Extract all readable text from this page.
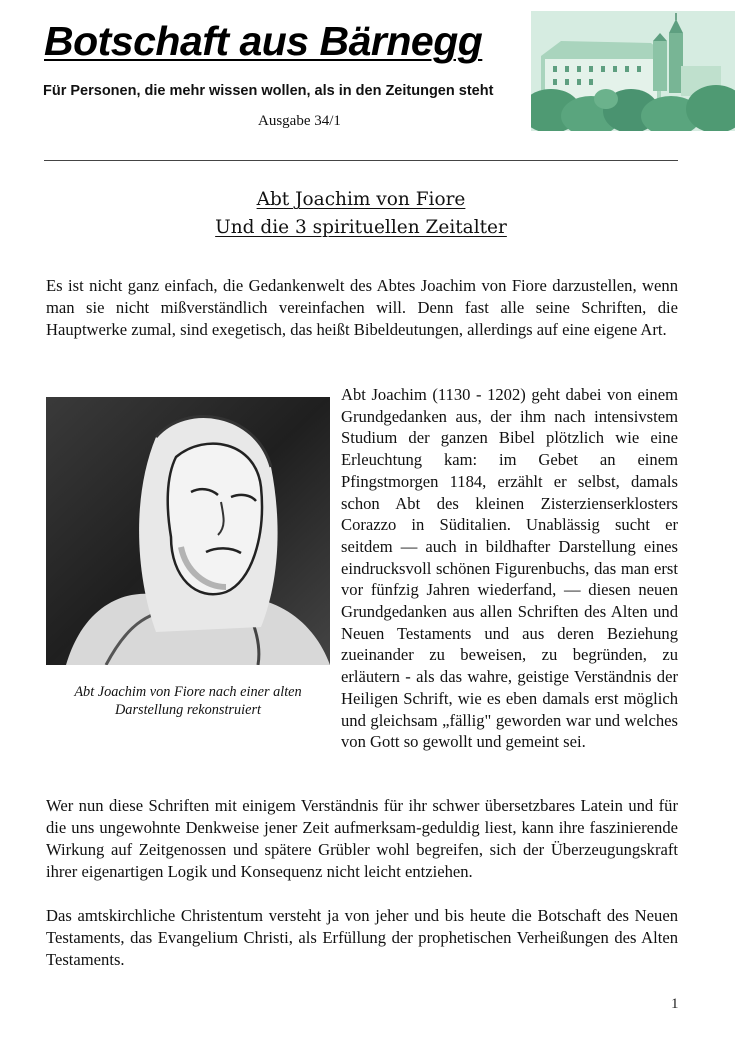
Botschaft aus Bärnegg
Für Personen, die mehr wissen wollen, als in den Zeitungen steht
Ausgabe 34/1
Abt Joachim von Fiore
Und die 3 spirituellen Zeitalter

Es ist nicht ganz einfach, die Gedankenwelt des Abtes Joachim von Fiore darzustellen, wenn man sie nicht mißverständlich vereinfachen will. Denn fast alle seine Schriften, die Hauptwerke zumal, sind exegetisch, das heißt Bibeldeutungen, allerdings auf eine eigene Art.

Abt Joachim von Fiore nach einer alten
Darstellung rekonstruiert

Abt Joachim (1130 - 1202) geht dabei von einem Grundgedanken aus, der ihm nach intensivstem Studium der ganzen Bibel plötzlich wie eine Erleuchtung kam: im Gebet an einem Pfingstmorgen 1184, erzählt er selbst, damals schon Abt des kleinen Zisterzienserklosters Corazzo in Süditalien. Unablässig sucht er seitdem — auch in bildhafter Darstellung eines eindrucksvoll schönen Figurenbuchs, das man erst vor fünfzig Jahren wiederfand, — diesen neuen Grundgedanken aus allen Schriften des Alten und Neuen Testaments und aus deren Beziehung zueinander zu beweisen, zu begründen, zu erläutern - als das wahre, geistige Verständnis der Heiligen Schrift, wie es eben damals erst möglich und gleichsam „fällig" geworden war und welches von Gott so gewollt und gemeint sei.

Wer nun diese Schriften mit einigem Verständnis für ihr schwer übersetzbares Latein und für die uns ungewohnte Denkweise jener Zeit aufmerksam-geduldig liest, kann ihre faszinierende Wirkung auf Zeitgenossen und spätere Grübler wohl begreifen, sich der Überzeugungskraft ihrer eigenartigen Logik und Konsequenz nicht leicht entziehen.

Das amtskirchliche Christentum versteht ja von jeher und bis heute die Botschaft des Neuen Testaments, das Evangelium Christi, als Erfüllung der prophetischen Verheißungen des Alten Testaments.

1
